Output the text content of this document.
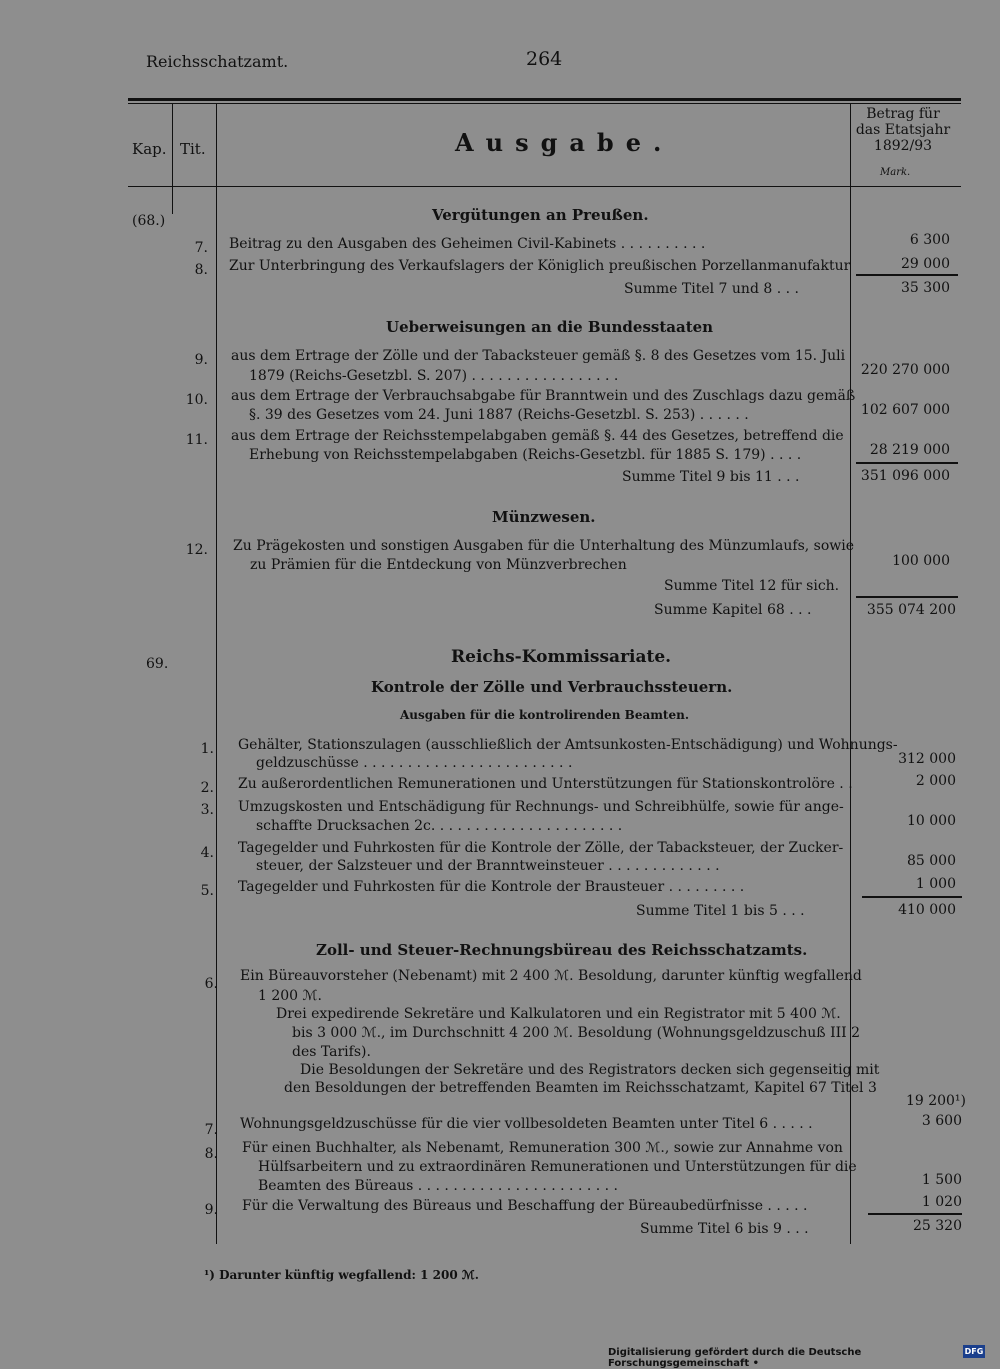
Reichsschatzamt.	264
Kap. Tit.	Ausgabe.
Betrag für
das Etatsjahr
1892/93
Mark.
(68.)	Vergütungen an Preußen.
7. Beitrag zu den Ausgaben des Geheimen Civil-Kabinets . . . . . . . . . .	6 300
8. Zur Unterbringung des Verkaufslagers der Königlich preußischen Porzellanmanufaktur	29 000
Summe Titel 7 und 8 . . .	35 300
Ueberweisungen an die Bundesstaaten
9. aus dem Ertrage der Zölle und der Tabacksteuer gemäß §. 8 des Gesetzes vom 15. Juli
1879 (Reichs-Gesetzbl. S. 207) . . . . . . . . . . . . . . . . .	220 270 000
10. aus dem Ertrage der Verbrauchsabgabe für Branntwein und des Zuschlags dazu gemäß
§. 39 des Gesetzes vom 24. Juni 1887 (Reichs-Gesetzbl. S. 253) . . . . . .	102 607 000
11. aus dem Ertrage der Reichsstempelabgaben gemäß §. 44 des Gesetzes, betreffend die
Erhebung von Reichsstempelabgaben (Reichs-Gesetzbl. für 1885 S. 179) . . . .	28 219 000
Summe Titel 9 bis 11 . . .	351 096 000
Münzwesen.
12. Zu Prägekosten und sonstigen Ausgaben für die Unterhaltung des Münzumlaufs, sowie
zu Prämien für die Entdeckung von Münzverbrechen	100 000
Summe Titel 12 für sich.
Summe Kapitel 68 . . .	355 074 200
69.	Reichs-Kommissariate.
Kontrole der Zölle und Verbrauchssteuern.
Ausgaben für die kontrolirenden Beamten.
1. Gehälter, Stationszulagen (ausschließlich der Amtsunkosten-Entschädigung) und Wohnungs-
geldzuschüsse . . . . . . . . . . . . . . . . . . . . . . . .	312 000
2. Zu außerordentlichen Remunerationen und Unterstützungen für Stationskontrolöre . .	2 000
3. Umzugskosten und Entschädigung für Rechnungs- und Schreibhülfe, sowie für ange-
schaffte Drucksachen 2c. . . . . . . . . . . . . . . . . . . . . .	10 000
4. Tagegelder und Fuhrkosten für die Kontrole der Zölle, der Tabacksteuer, der Zucker-
steuer, der Salzsteuer und der Branntweinsteuer . . . . . . . . . . . . .	85 000
5. Tagegelder und Fuhrkosten für die Kontrole der Brausteuer . . . . . . . . .	1 000
Summe Titel 1 bis 5 . . .	410 000
Zoll- und Steuer-Rechnungsbüreau des Reichsschatzamts.
6. Ein Büreauvorsteher (Nebenamt) mit 2 400 ℳ. Besoldung, darunter künftig wegfallend
1 200 ℳ.
Drei expedirende Sekretäre und Kalkulatoren und ein Registrator mit 5 400 ℳ.
bis 3 000 ℳ., im Durchschnitt 4 200 ℳ. Besoldung (Wohnungsgeldzuschuß III 2
des Tarifs).
Die Besoldungen der Sekretäre und des Registrators decken sich gegenseitig mit
den Besoldungen der betreffenden Beamten im Reichsschatzamt, Kapitel 67 Titel 3
19 200¹)
7. Wohnungsgeldzuschüsse für die vier vollbesoldeten Beamten unter Titel 6 . . . . .	3 600
8. Für einen Buchhalter, als Nebenamt, Remuneration 300 ℳ., sowie zur Annahme von
Hülfsarbeitern und zu extraordinären Remunerationen und Unterstützungen für die
Beamten des Büreaus . . . . . . . . . . . . . . . . . . . . . . .	1 500
9. Für die Verwaltung des Büreaus und Beschaffung der Büreaubedürfnisse . . . . .	1 020
Summe Titel 6 bis 9 . . .	25 320
¹) Darunter künftig wegfallend: 1 200 ℳ.
Digitalisierung gefördert durch die Deutsche Forschungsgemeinschaft •
DFG
